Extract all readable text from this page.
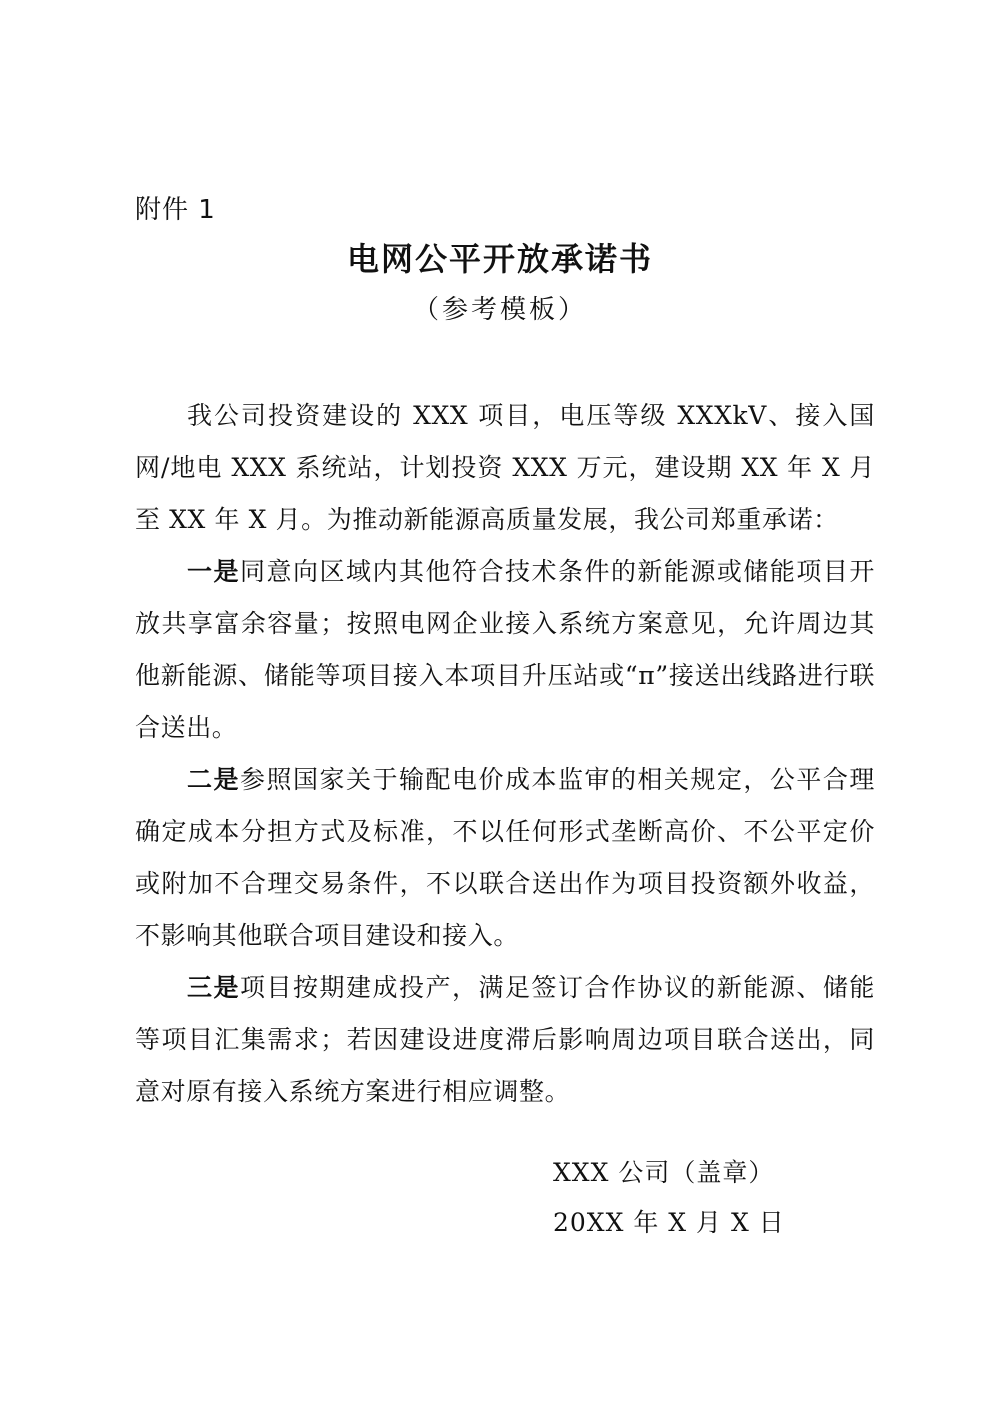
附件 1
电网公平开放承诺书
（参考模板）

我公司投资建设的 XXX 项目，电压等级 XXXkV、接入国网/地电 XXX 系统站，计划投资 XXX 万元，建设期 XX 年 X 月至 XX 年 X 月。为推动新能源高质量发展，我公司郑重承诺：

一是同意向区域内其他符合技术条件的新能源或储能项目开放共享富余容量；按照电网企业接入系统方案意见，允许周边其他新能源、储能等项目接入本项目升压站或“π”接送出线路进行联合送出。

二是参照国家关于输配电价成本监审的相关规定，公平合理确定成本分担方式及标准，不以任何形式垄断高价、不公平定价或附加不合理交易条件，不以联合送出作为项目投资额外收益，不影响其他联合项目建设和接入。

三是项目按期建成投产，满足签订合作协议的新能源、储能等项目汇集需求；若因建设进度滞后影响周边项目联合送出，同意对原有接入系统方案进行相应调整。

XXX 公司（盖章）
20XX 年 X 月 X 日
